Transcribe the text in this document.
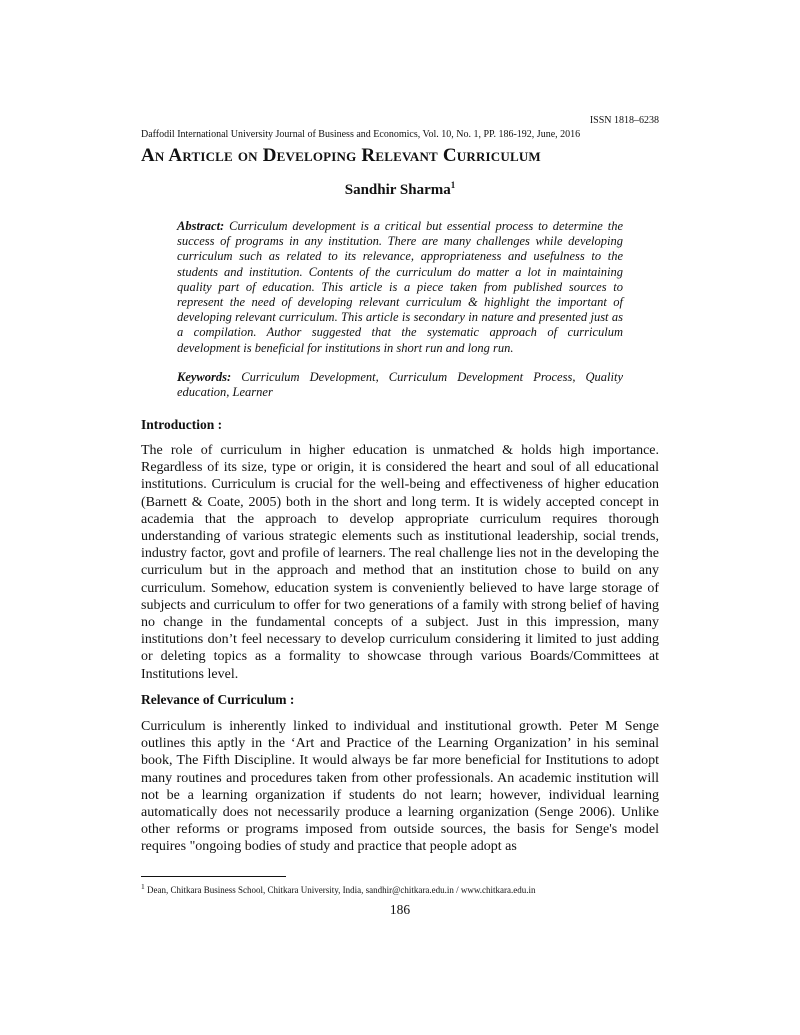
ISSN 1818–6238
Daffodil International University Journal of Business and Economics, Vol. 10, No. 1, PP. 186-192, June, 2016
An Article on Developing Relevant Curriculum
Sandhir Sharma$^1$
Abstract: Curriculum development is a critical but essential process to determine the success of programs in any institution. There are many challenges while developing curriculum such as related to its relevance, appropriateness and usefulness to the students and institution. Contents of the curriculum do matter a lot in maintaining quality part of education. This article is a piece taken from published sources to represent the need of developing relevant curriculum & highlight the important of developing relevant curriculum. This article is secondary in nature and presented just as a compilation. Author suggested that the systematic approach of curriculum development is beneficial for institutions in short run and long run.
Keywords: Curriculum Development, Curriculum Development Process, Quality education, Learner
Introduction :
The role of curriculum in higher education is unmatched & holds high importance. Regardless of its size, type or origin, it is considered the heart and soul of all educational institutions. Curriculum is crucial for the well-being and effectiveness of higher education (Barnett & Coate, 2005) both in the short and long term. It is widely accepted concept in academia that the approach to develop appropriate curriculum requires thorough understanding of various strategic elements such as institutional leadership, social trends, industry factor, govt and profile of learners. The real challenge lies not in the developing the curriculum but in the approach and method that an institution chose to build on any curriculum. Somehow, education system is conveniently believed to have large storage of subjects and curriculum to offer for two generations of a family with strong belief of having no change in the fundamental concepts of a subject. Just in this impression, many institutions don’t feel necessary to develop curriculum considering it limited to just adding or deleting topics as a formality to showcase through various Boards/Committees at Institutions level.
Relevance of Curriculum :
Curriculum is inherently linked to individual and institutional growth. Peter M Senge outlines this aptly in the ‘Art and Practice of the Learning Organization’ in his seminal book, The Fifth Discipline. It would always be far more beneficial for Institutions to adopt many routines and procedures taken from other professionals. An academic institution will not be a learning organization if students do not learn; however, individual learning automatically does not necessarily produce a learning organization (Senge 2006). Unlike other reforms or programs imposed from outside sources, the basis for Senge's model requires "ongoing bodies of study and practice that people adopt as
$^1$ Dean, Chitkara Business School, Chitkara University, India, sandhir@chitkara.edu.in / www.chitkara.edu.in
186
